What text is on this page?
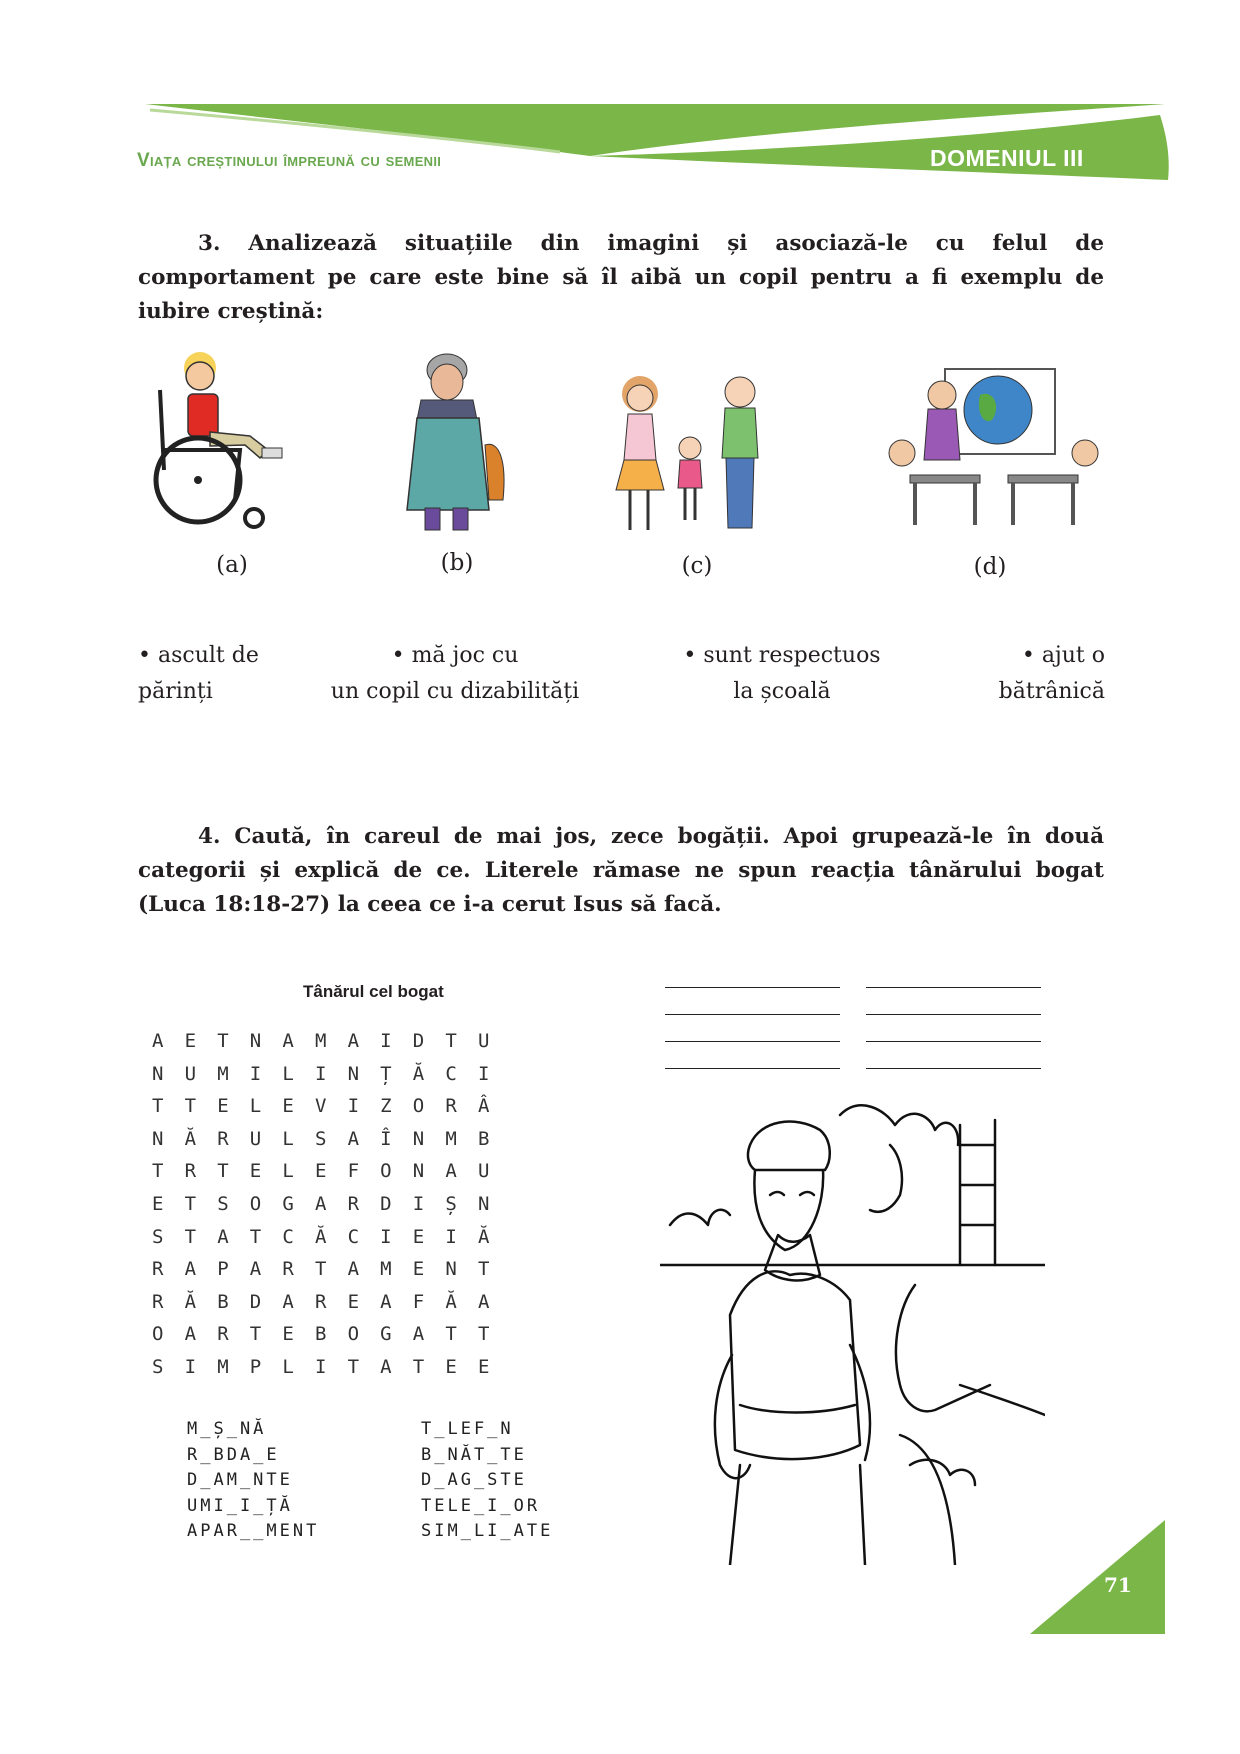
Viața creștinului împreună cu semenii	DOMENIUL III

3. Analizează situațiile din imagini și asociază-le cu felul de comportament pe care este bine să îl aibă un copil pentru a fi exemplu de iubire creștină:

(a)	(b)	(c)	(d)
• ascult de
părinți
• mă joc cu
un copil cu dizabilități
• sunt respectuos
la școală
• ajut o
bătrânică

4. Caută, în careul de mai jos, zece bogății. Apoi grupează-le în două categorii și explică de ce. Literele rămase ne spun reacția tânărului bogat (Luca 18:18-27) la ceea ce i-a cerut Isus să facă.

Tânărul cel bogat
A	E	T	N	A	M	A	I	D	T	U
N	U	M	I	L	I	N	Ț	Ă	C	I
T	T	E	L	E	V	I	Z	O	R	Â
N	Ă	R	U	L	S	A	Î	N	M	B
T	R	T	E	L	E	F	O	N	A	U
E	T	S	O	G	A	R	D	I	Ș	N
S	T	A	T	C	Ă	C	I	E	I	Ă
R	A	P	A	R	T	A	M	E	N	T
R	Ă	B	D	A	R	E	A	F	Ă	A
O	A	R	T	E	B	O	G	A	T	T
S	I	M	P	L	I	T	A	T	E	E
M_Ș_NĂ
R_BDA_E
D_AM_NTE
UMI_I_ȚĂ
APAR__MENT
T_LEF_N
B_NĂT_TE
D_AG_STE
TELE_I_OR
SIM_LI_ATE
71
